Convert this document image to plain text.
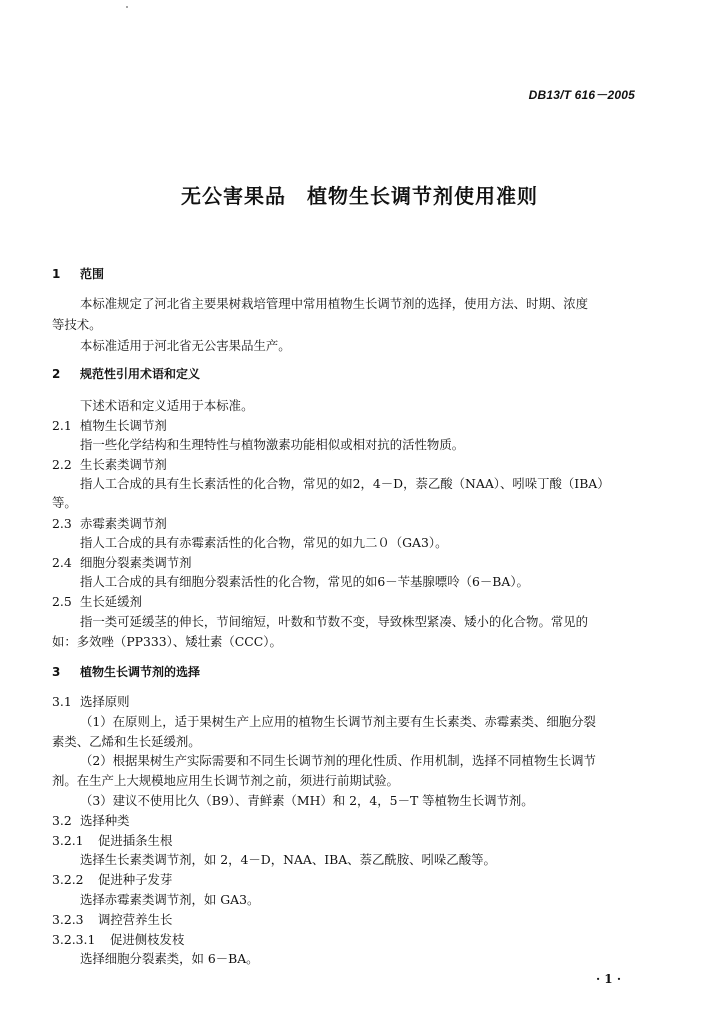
DB13/T 616－2005
无公害果品　植物生长调节剂使用准则
1 范围
本标准规定了河北省主要果树栽培管理中常用植物生长调节剂的选择，使用方法、时期、浓度
等技术。
本标准适用于河北省无公害果品生产。
2 规范性引用术语和定义
下述术语和定义适用于本标准。
2.1 植物生长调节剂
指一些化学结构和生理特性与植物激素功能相似或相对抗的活性物质。
2.2 生长素类调节剂
指人工合成的具有生长素活性的化合物，常见的如2，4－D，萘乙酸（NAA）、吲哚丁酸（IBA）
等。
2.3 赤霉素类调节剂
指人工合成的具有赤霉素活性的化合物，常见的如九二０（GA3）。
2.4 细胞分裂素类调节剂
指人工合成的具有细胞分裂素活性的化合物，常见的如6－苄基腺嘌呤（6－BA）。
2.5 生长延缓剂
指一类可延缓茎的伸长，节间缩短，叶数和节数不变，导致株型紧凑、矮小的化合物。常见的
如：多效唑（PP333）、矮壮素（CCC）。
3 植物生长调节剂的选择
3.1 选择原则
（1）在原则上，适于果树生产上应用的植物生长调节剂主要有生长素类、赤霉素类、细胞分裂
素类、乙烯和生长延缓剂。
（2）根据果树生产实际需要和不同生长调节剂的理化性质、作用机制，选择不同植物生长调节
剂。在生产上大规模地应用生长调节剂之前，须进行前期试验。
（3）建议不使用比久（B9）、青鲜素（MH）和 2，4，5－T 等植物生长调节剂。
3.2 选择种类
3.2.1 促进插条生根
选择生长素类调节剂，如 2，4－D，NAA、IBA、萘乙酰胺、吲哚乙酸等。
3.2.2 促进种子发芽
选择赤霉素类调节剂，如 GA3。
3.2.3 调控营养生长
3.2.3.1 促进侧枝发枝
选择细胞分裂素类，如 6－BA。
· 1 ·
